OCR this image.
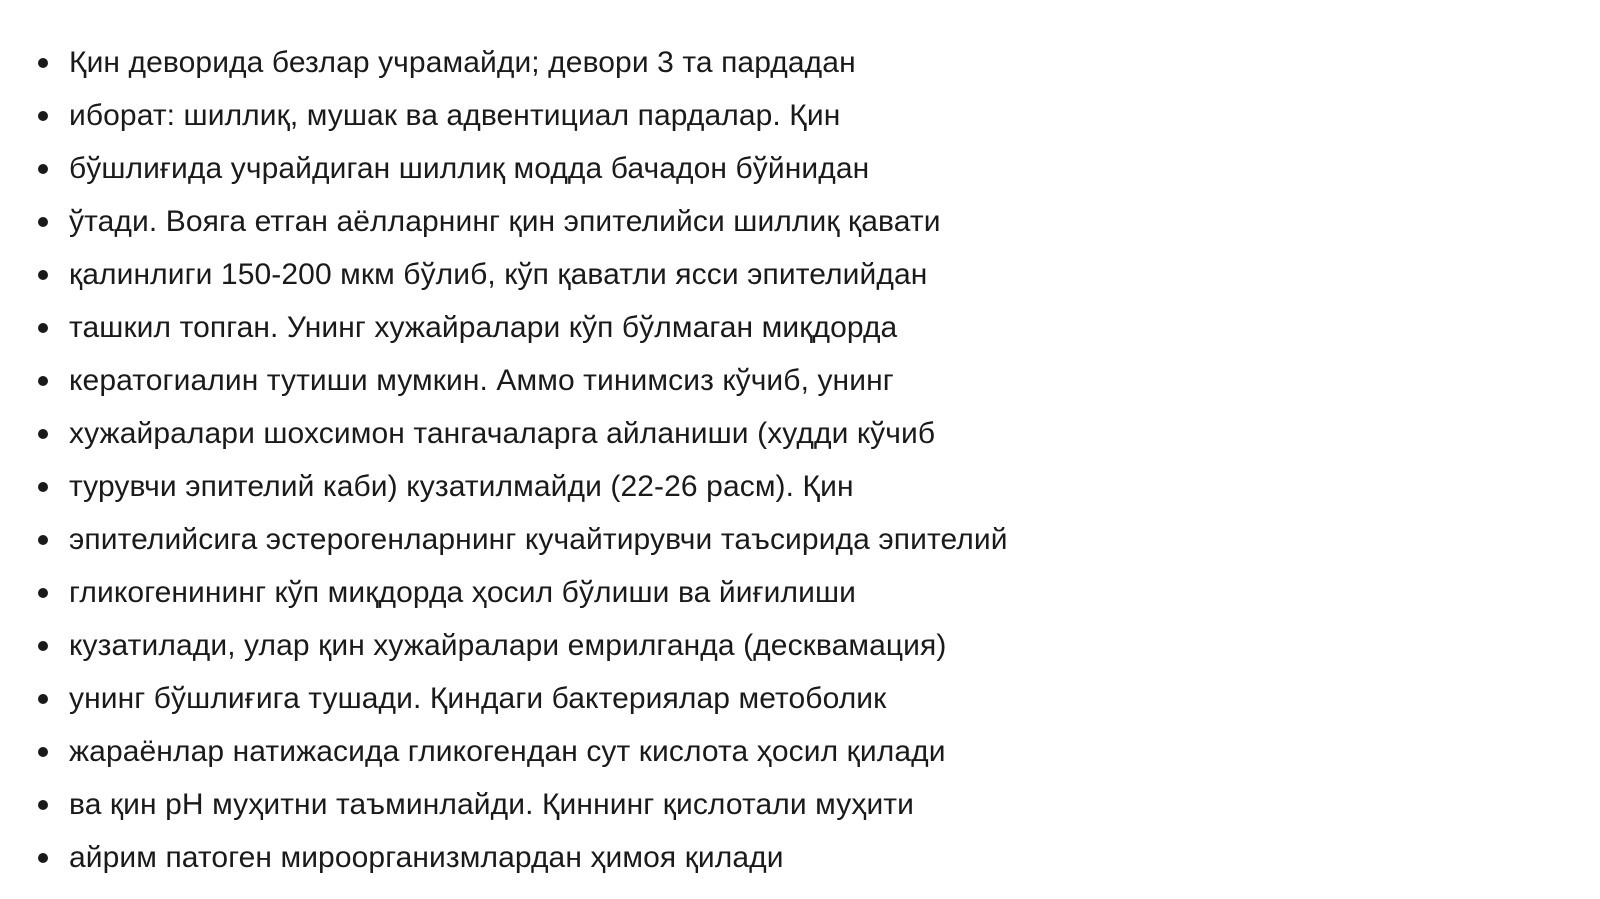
Қин деворида безлар учрамайди; девори 3 та пардадан
иборат: шиллиқ, мушак ва адвентициал пардалар. Қин
бўшлиғида учрайдиган шиллиқ модда бачадон бўйнидан
ўтади. Вояга етган аёлларнинг қин эпителийси шиллиқ қавати
қалинлиги 150-200 мкм бўлиб, кўп қаватли ясси эпителийдан
ташкил топган. Унинг хужайралари кўп бўлмаган миқдорда
кератогиалин тутиши мумкин. Аммо тинимсиз кўчиб, унинг
хужайралари шохсимон тангачаларга айланиши (худди кўчиб
турувчи эпителий каби) кузатилмайди (22-26 расм). Қин
эпителийсига эстерогенларнинг кучайтирувчи таъсирида эпителий
гликогенининг кўп миқдорда ҳосил бўлиши ва йиғилиши
кузатилади, улар қин хужайралари емрилганда (десквамация)
унинг бўшлиғига тушади. Қиндаги бактериялар метоболик
жараёнлар натижасида гликогендан сут кислота ҳосил қилади
ва қин pH муҳитни таъминлайди. Қиннинг қислотали муҳити
айрим патоген мироорганизмлардан ҳимоя қилади
